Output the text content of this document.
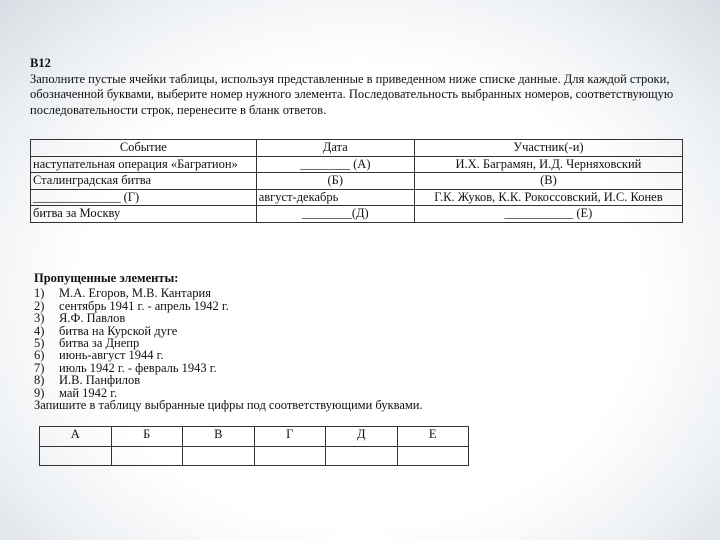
B12
Заполните пустые ячейки таблицы, используя представленные в приведенном ниже списке данные. Для каждой строки, обозначенной буквами, выберите номер нужного элемента. Последовательность выбранных номеров, соответствующую последовательности строк, перенесите в бланк ответов.
Событие	Дата	Участник(-и)
наступательная операция «Багратион»	________ (А)	И.Х. Баграмян, И.Д. Черняховский
Сталинградская битва	(Б)	(В)
______________ (Г)	август-декабрь	Г.К. Жуков, К.К. Рокоссовский, И.С. Конев
битва за Москву	________(Д)	___________ (Е)
Пропущенные элементы:
1)	М.А. Егоров, М.В. Кантария
2)	сентябрь 1941 г. - апрель 1942 г.
3)	Я.Ф. Павлов
4)	битва на Курской дуге
5)	битва за Днепр
6)	июнь-август 1944 г.
7)	июль 1942 г. - февраль 1943 г.
8)	И.В. Панфилов
9)	май 1942 г.
Запишите в таблицу выбранные цифры под соответствующими буквами.
А	Б	В	Г	Д	Е
